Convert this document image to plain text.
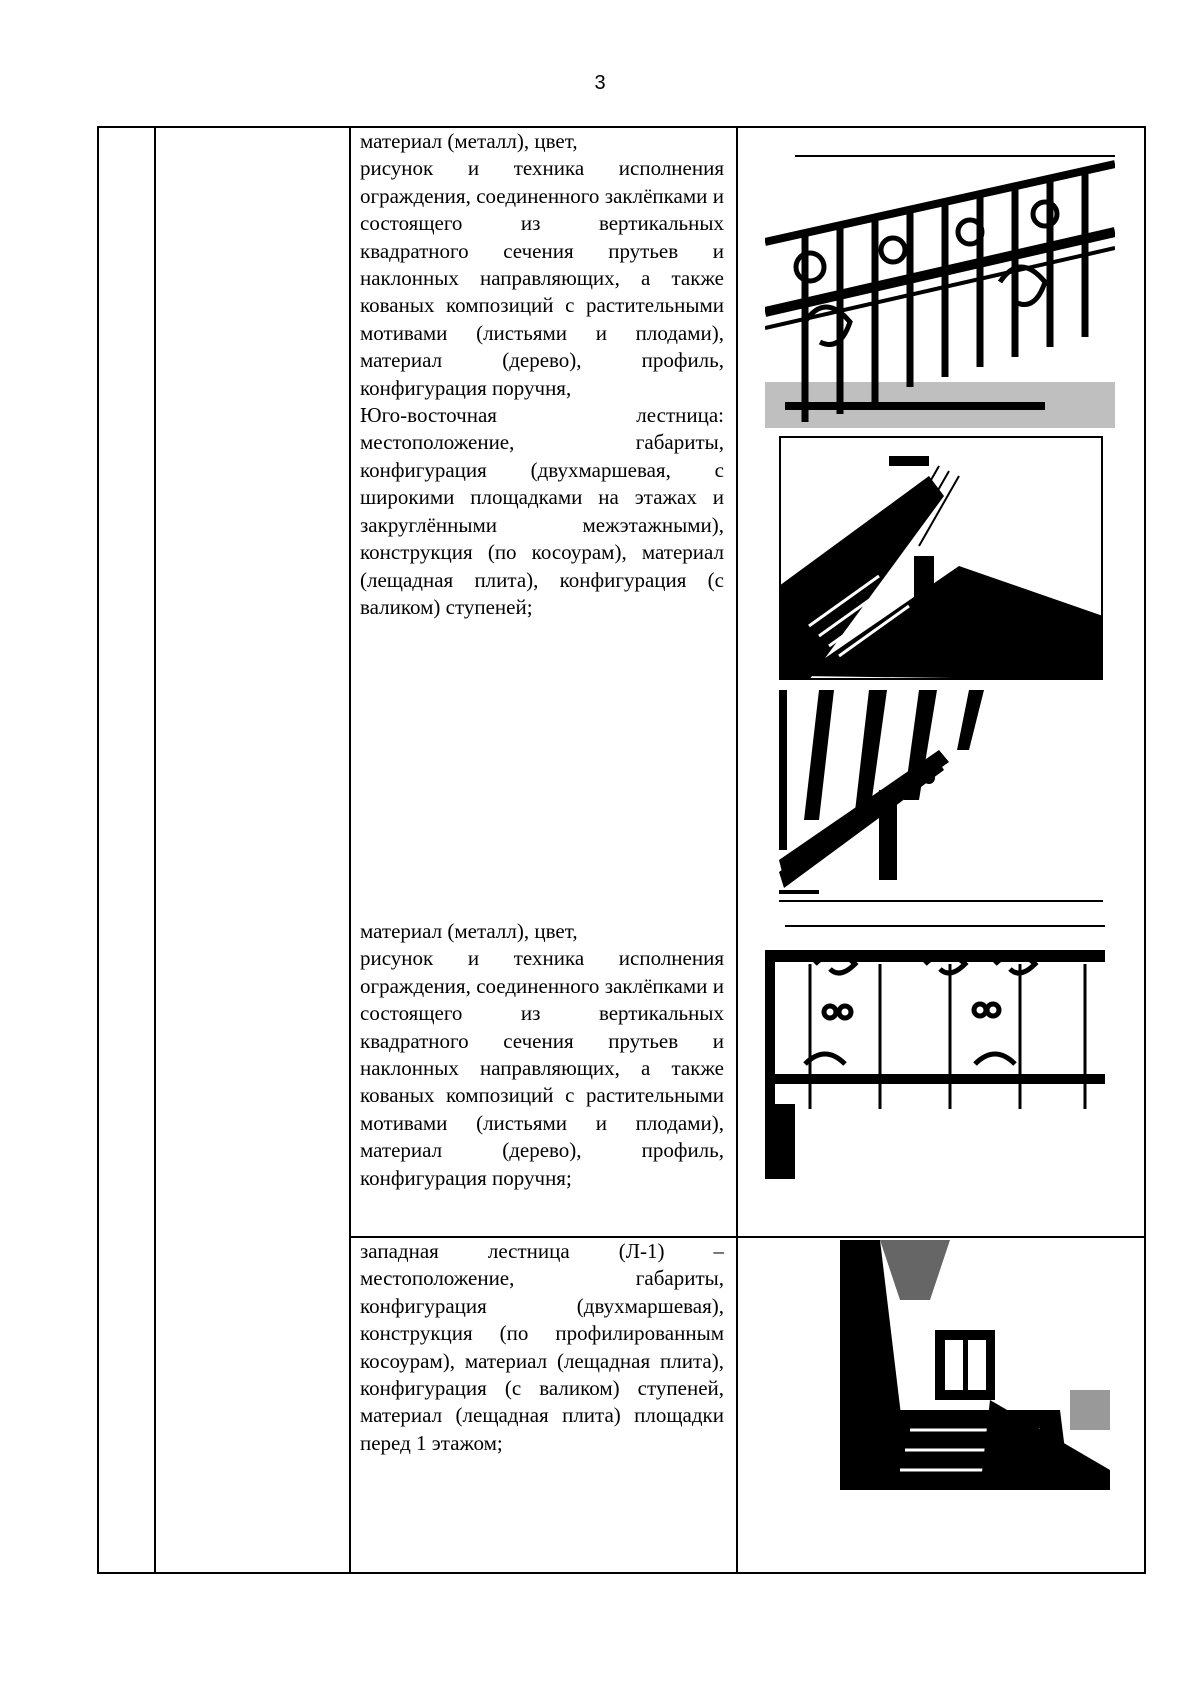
3
материал (металл), цвет,
рисунок и техника исполнения ограждения, соединенного заклёпками и состоящего из вертикальных квадратного сечения прутьев и наклонных направляющих, а также кованых композиций с растительными мотивами (листьями и плодами), материал (дерево), профиль, конфигурация поручня,
Юго-восточная лестница: местоположение, габариты, конфигурация (двухмаршевая, с широкими площадками на этажах и закруглёнными межэтажными), конструкция (по косоурам), материал (лещадная плита), конфигурация (с валиком) ступеней;
материал (металл), цвет,
рисунок и техника исполнения ограждения, соединенного заклёпками и состоящего из вертикальных квадратного сечения прутьев и наклонных направляющих, а также кованых композиций с растительными мотивами (листьями и плодами), материал (дерево), профиль, конфигурация поручня;
западная лестница (Л-1) – местоположение, габариты, конфигурация (двухмаршевая), конструкция (по профилированным косоурам), материал (лещадная плита), конфигурация (с валиком) ступеней, материал (лещадная плита) площадки перед 1 этажом;
